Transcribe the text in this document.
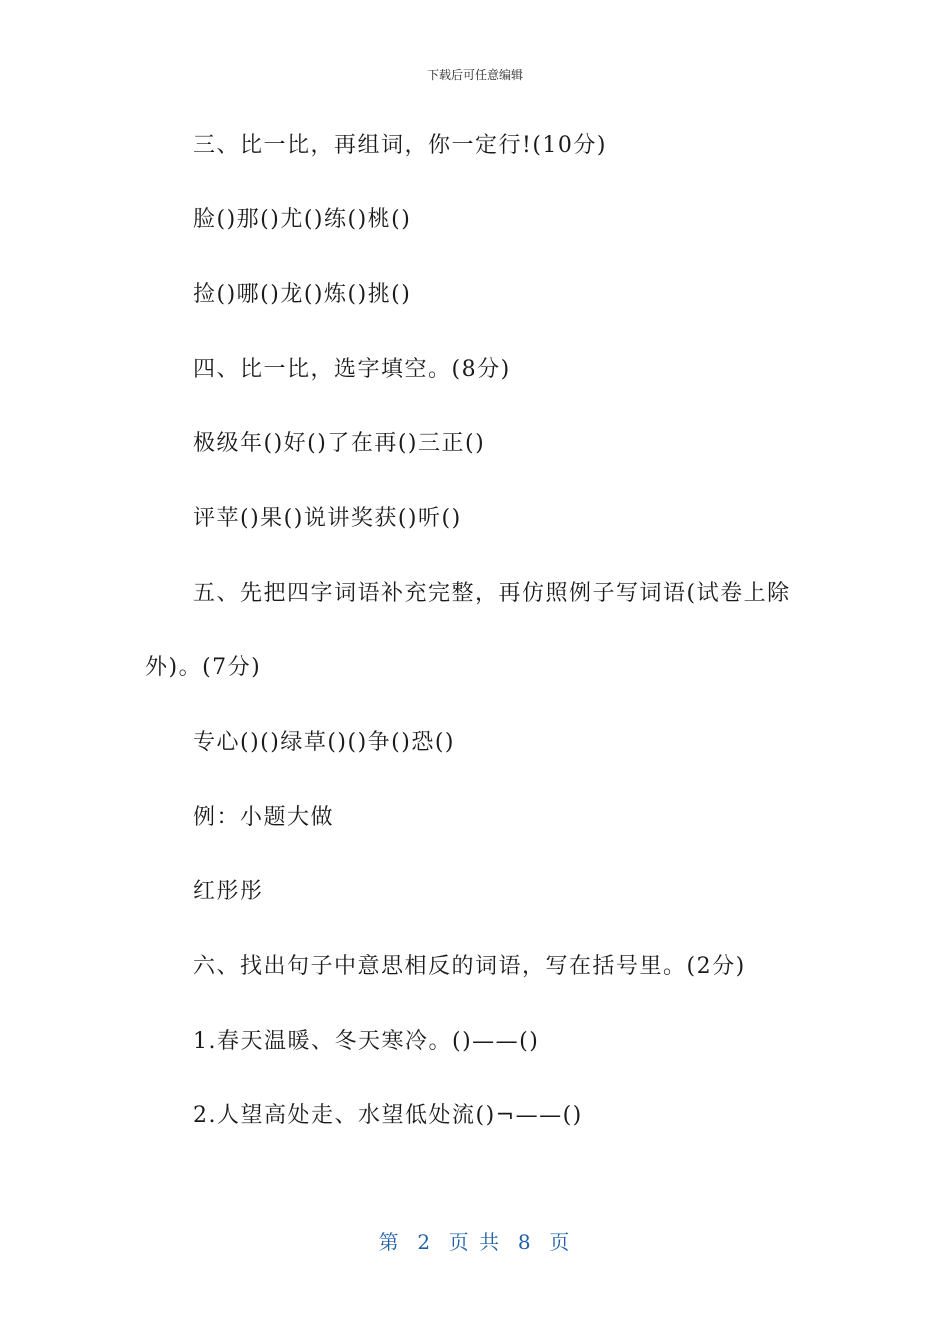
下载后可任意编辑
三、比一比，再组词，你一定行!(10分)
脸()那()尤()练()桃()
捡()哪()龙()炼()挑()
四、比一比，选字填空。(8分)
极级年()好()了在再()三正()
评苹()果()说讲奖获()听()
五、先把四字词语补充完整，再仿照例子写词语(试卷上除
外)。(7分)
专心()()绿草()()争()恐()
例：小题大做
红彤彤
六、找出句子中意思相反的词语，写在括号里。(2分)
1.春天温暖、冬天寒冷。()——()
2.人望高处走、水望低处流()¬——()
第  2  页 共  8  页
